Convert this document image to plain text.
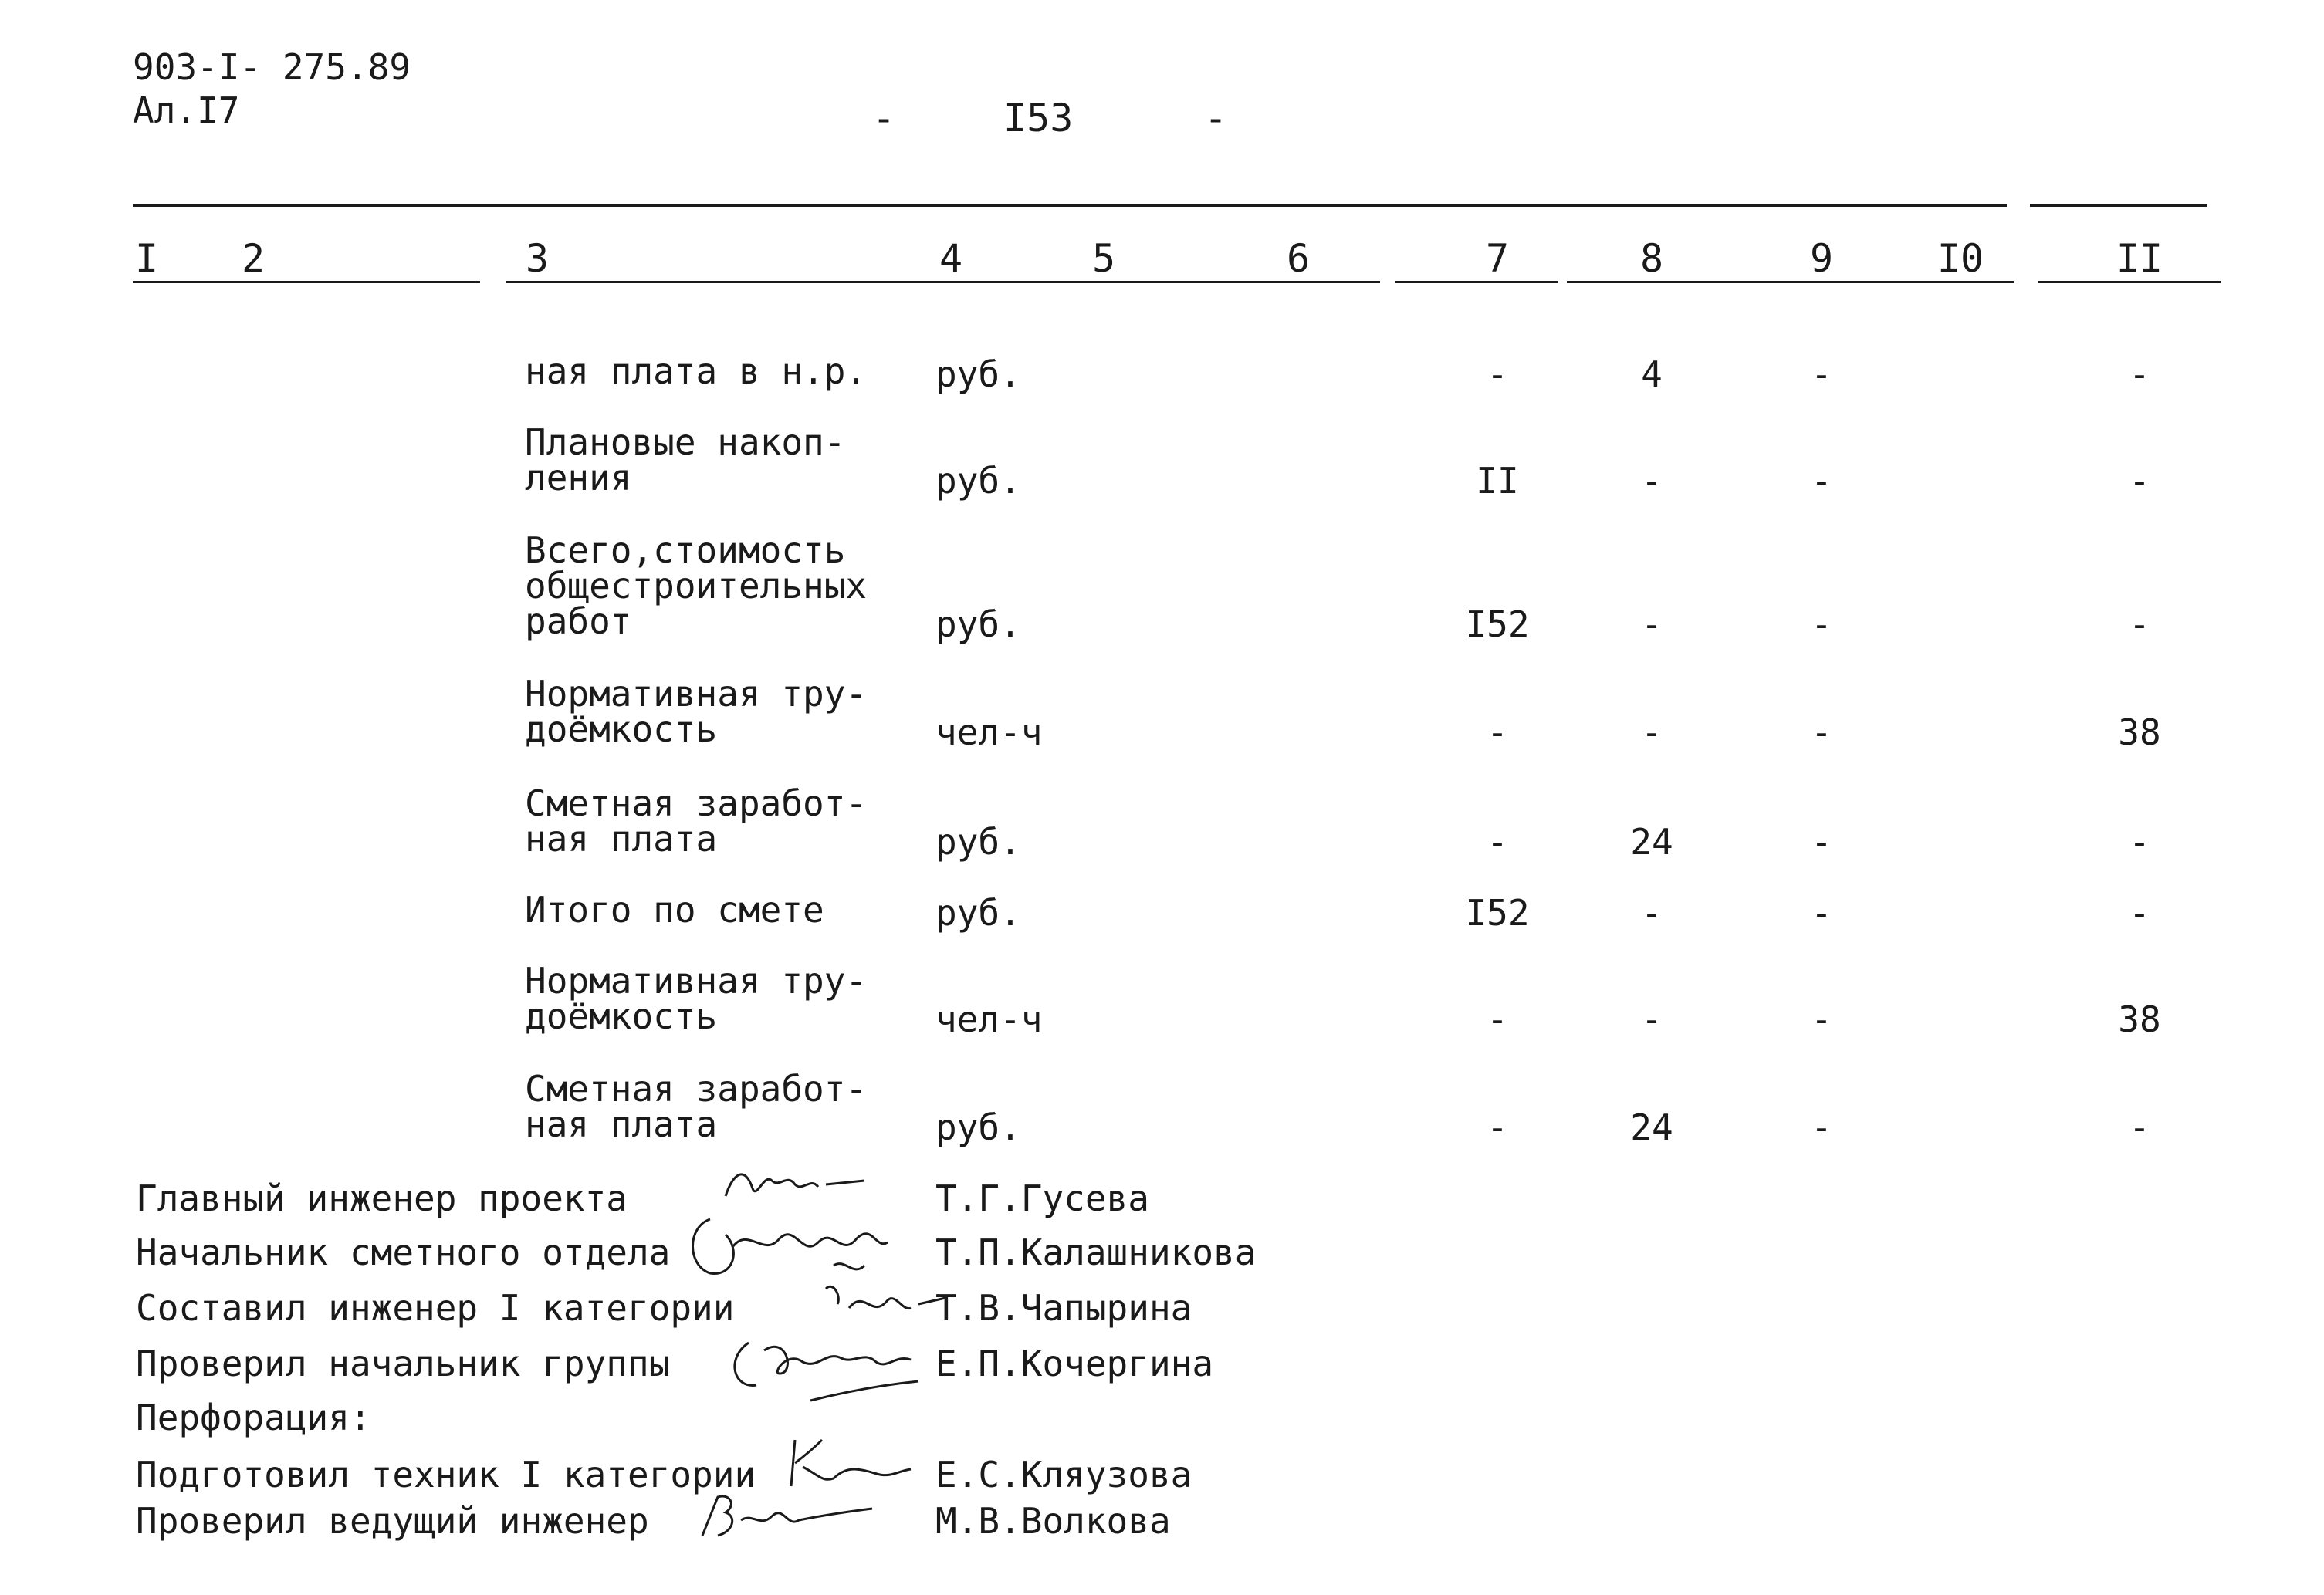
903-I- 275.89
Ал.I7	-	I53	-
I	2	3	4	5	6	7	8	9	I0	II
ная плата в н.р.	руб.	-	4	-	-
Плановые накоп-
ления	руб.	II	-	-	-
Всего,стоимость
общестроительных
работ	руб.	I52	-	-	-
Нормативная тру-
доёмкость	чел-ч	-	-	-	38
Сметная заработ-
ная плата	руб.	-	24	-	-
Итого по смете	руб.	I52	-	-	-
Нормативная тру-
доёмкость	чел-ч	-	-	-	38
Сметная заработ-
ная плата	руб.	-	24	-	-
Главный инженер проекта	Т.Г.Гусева
Начальник сметного отдела	Т.П.Калашникова
Составил инженер I категории	Т.В.Чапырина
Проверил начальник группы	Е.П.Кочергина
Перфорация:
Подготовил техник I категории	Е.С.Кляузова
Проверил ведущий инженер	М.В.Волкова
